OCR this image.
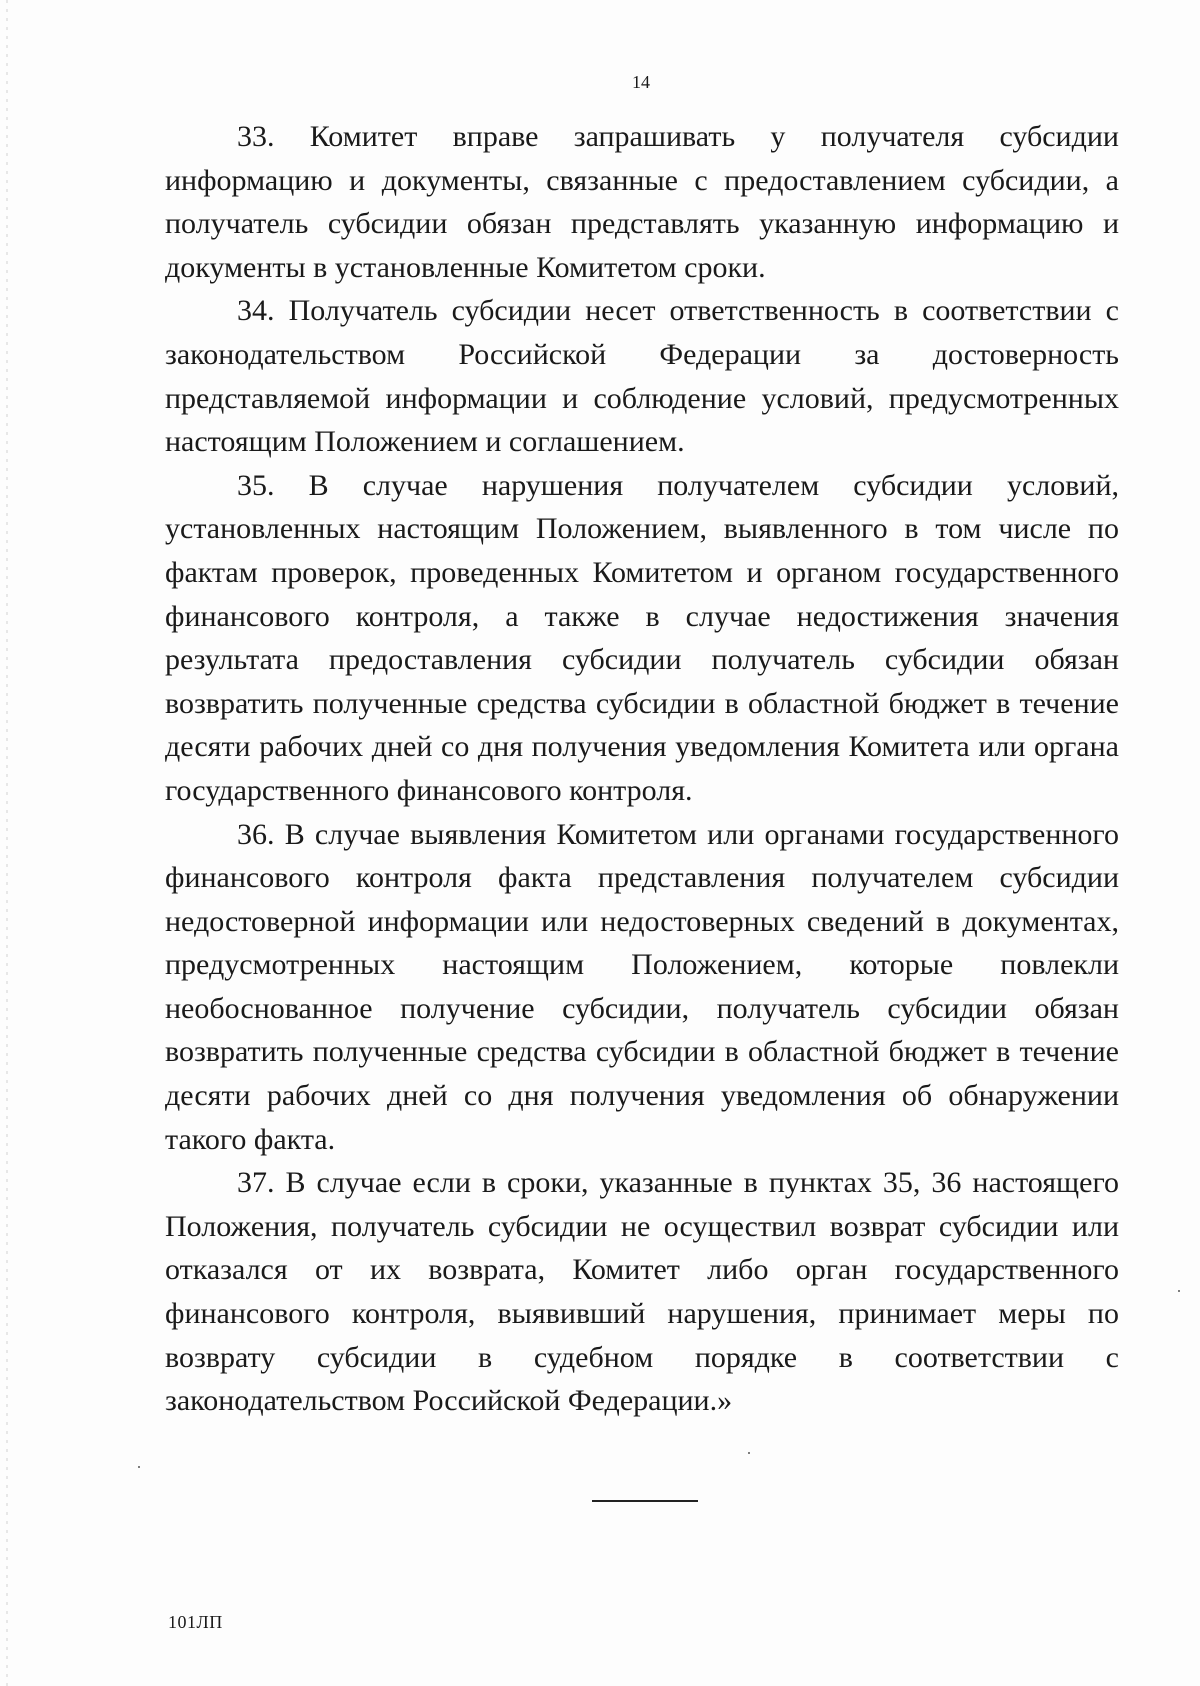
14

33. Комитет вправе запрашивать у получателя субсидии информацию и документы, связанные с предоставлением субсидии, а получатель субсидии обязан представлять указанную информацию и документы в установленные Комитетом сроки.

34. Получатель субсидии несет ответственность в соответствии с законодательством Российской Федерации за достоверность представляемой информации и соблюдение условий, предусмотренных настоящим Положением и соглашением.

35. В случае нарушения получателем субсидии условий, установленных настоящим Положением, выявленного в том числе по фактам проверок, проведенных Комитетом и органом государственного финансового контроля, а также в случае недостижения значения результата предоставления субсидии получатель субсидии обязан возвратить полученные средства субсидии в областной бюджет в течение десяти рабочих дней со дня получения уведомления Комитета или органа государственного финансового контроля.

36. В случае выявления Комитетом или органами государственного финансового контроля факта представления получателем субсидии недостоверной информации или недостоверных сведений в документах, предусмотренных настоящим Положением, которые повлекли необоснованное получение субсидии, получатель субсидии обязан возвратить полученные средства субсидии в областной бюджет в течение десяти рабочих дней со дня получения уведомления об обнаружении такого факта.

37. В случае если в сроки, указанные в пунктах 35, 36 настоящего Положения, получатель субсидии не осуществил возврат субсидии или отказался от их возврата, Комитет либо орган государственного финансового контроля, выявивший нарушения, принимает меры по возврату субсидии в судебном порядке в соответствии с законодательством Российской Федерации.»

101ЛП
